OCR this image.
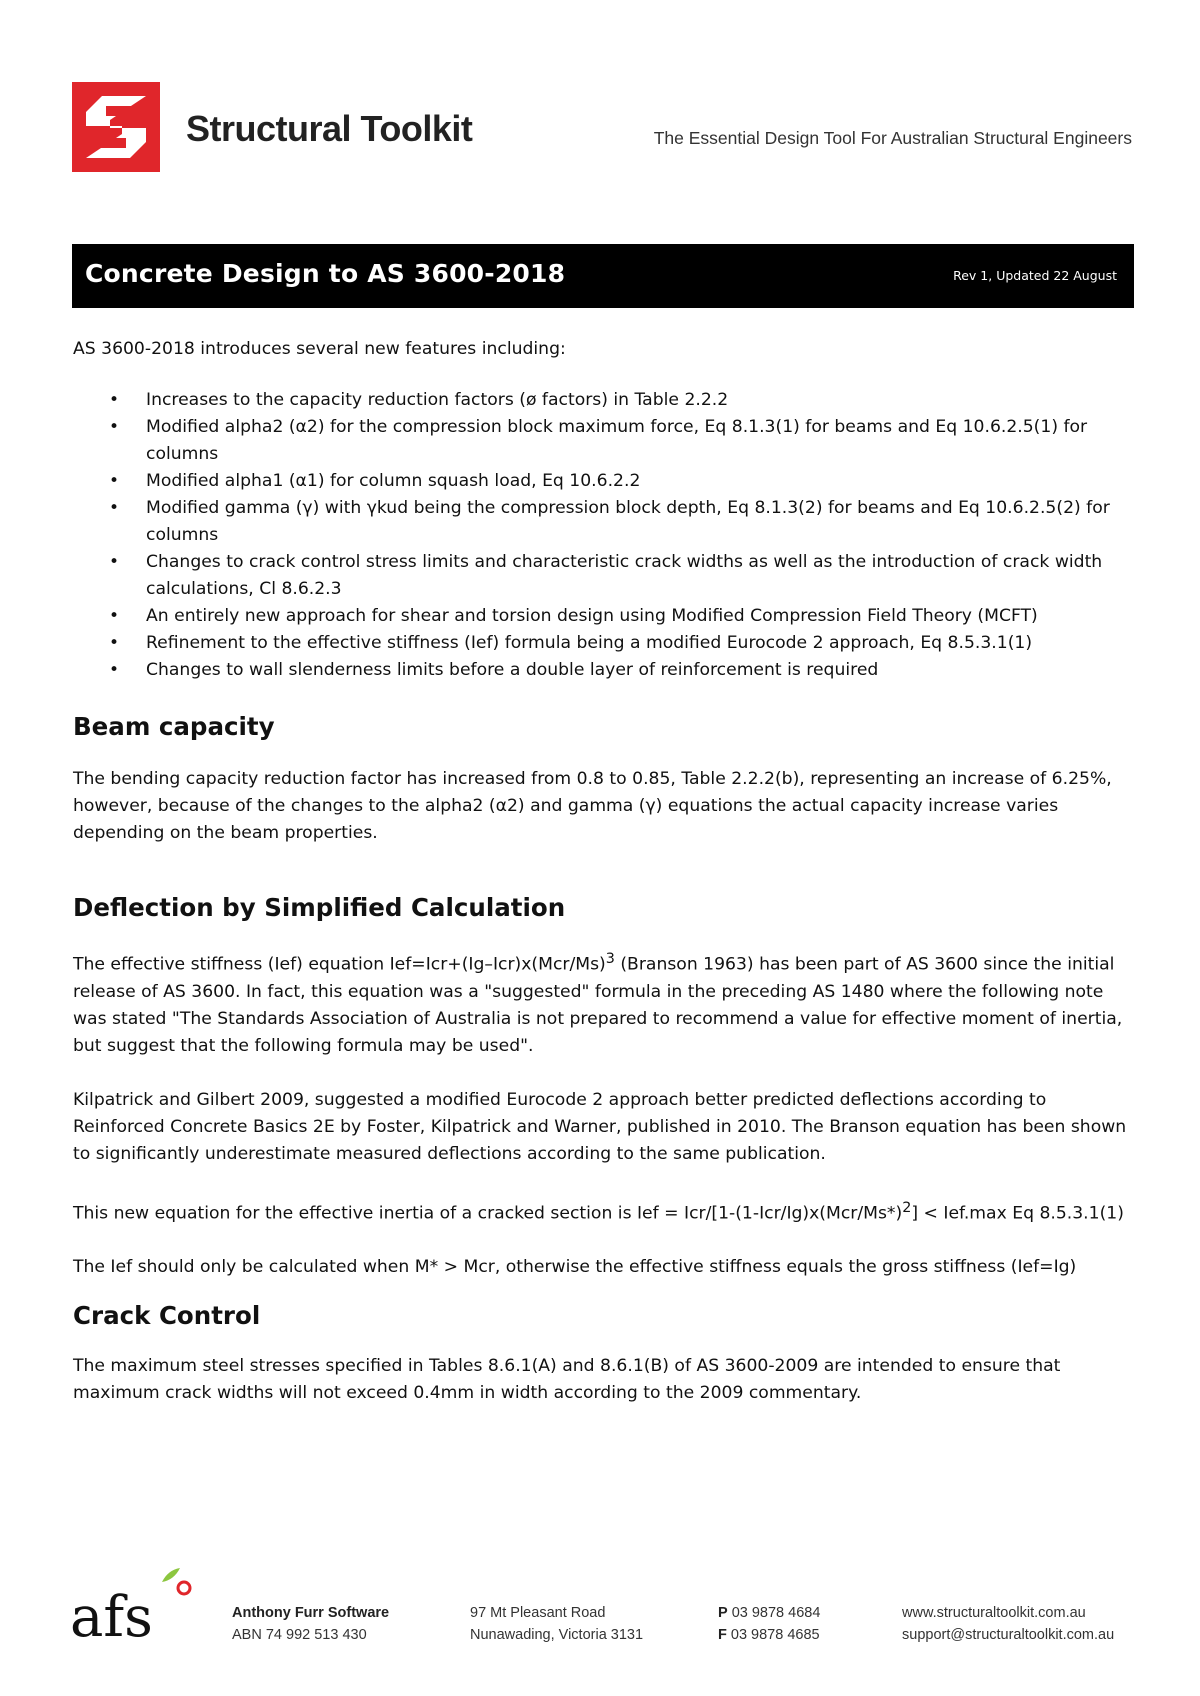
Structural Toolkit	The Essential Design Tool For Australian Structural Engineers
Concrete Design to AS 3600-2018	Rev 1, Updated 22 August

AS 3600-2018 introduces several new features including:

• Increases to the capacity reduction factors (ø factors) in Table 2.2.2
• Modified alpha2 (α2) for the compression block maximum force, Eq 8.1.3(1) for beams and Eq 10.6.2.5(1) for columns
• Modified alpha1 (α1) for column squash load, Eq 10.6.2.2
• Modified gamma (γ) with γkud being the compression block depth, Eq 8.1.3(2) for beams and Eq 10.6.2.5(2) for columns
• Changes to crack control stress limits and characteristic crack widths as well as the introduction of crack width calculations, Cl 8.6.2.3
• An entirely new approach for shear and torsion design using Modified Compression Field Theory (MCFT)
• Refinement to the effective stiffness (Ief) formula being a modified Eurocode 2 approach, Eq 8.5.3.1(1)
• Changes to wall slenderness limits before a double layer of reinforcement is required
Beam capacity

The bending capacity reduction factor has increased from 0.8 to 0.85, Table 2.2.2(b), representing an increase of 6.25%, however, because of the changes to the alpha2 (α2) and gamma (γ) equations the actual capacity increase varies depending on the beam properties.

Deflection by Simplified Calculation

The effective stiffness (Ief) equation $Ief=Icr+(Ig-Icr)x(Mcr/Ms)^3$ (Branson 1963) has been part of AS 3600 since the initial release of AS 3600. In fact, this equation was a "suggested" formula in the preceding AS 1480 where the following note was stated "The Standards Association of Australia is not prepared to recommend a value for effective moment of inertia, but suggest that the following formula may be used".

Kilpatrick and Gilbert 2009, suggested a modified Eurocode 2 approach better predicted deflections according to Reinforced Concrete Basics 2E by Foster, Kilpatrick and Warner, published in 2010. The Branson equation has been shown to significantly underestimate measured deflections according to the same publication.

This new equation for the effective inertia of a cracked section is Ief = Icr/$[1-(1-Icr/Ig)x(Mcr/Ms*)^2] < Ief.\max$ Eq 8.5.3.1(1)

The Ief should only be calculated when M* > Mcr, otherwise the effective stiffness equals the gross stiffness (Ief=Ig)

Crack Control

The maximum steel stresses specified in Tables 8.6.1(A) and 8.6.1(B) of AS 3600-2009 are intended to ensure that maximum crack widths will not exceed 0.4mm in width according to the 2009 commentary.

afs	Anthony Furr Software
ABN 74 992 513 430
97 Mt Pleasant Road
Nunawading, Victoria 3131
P 03 9878 4684
F 03 9878 4685
www.structuraltoolkit.com.au
support@structuraltoolkit.com.au
